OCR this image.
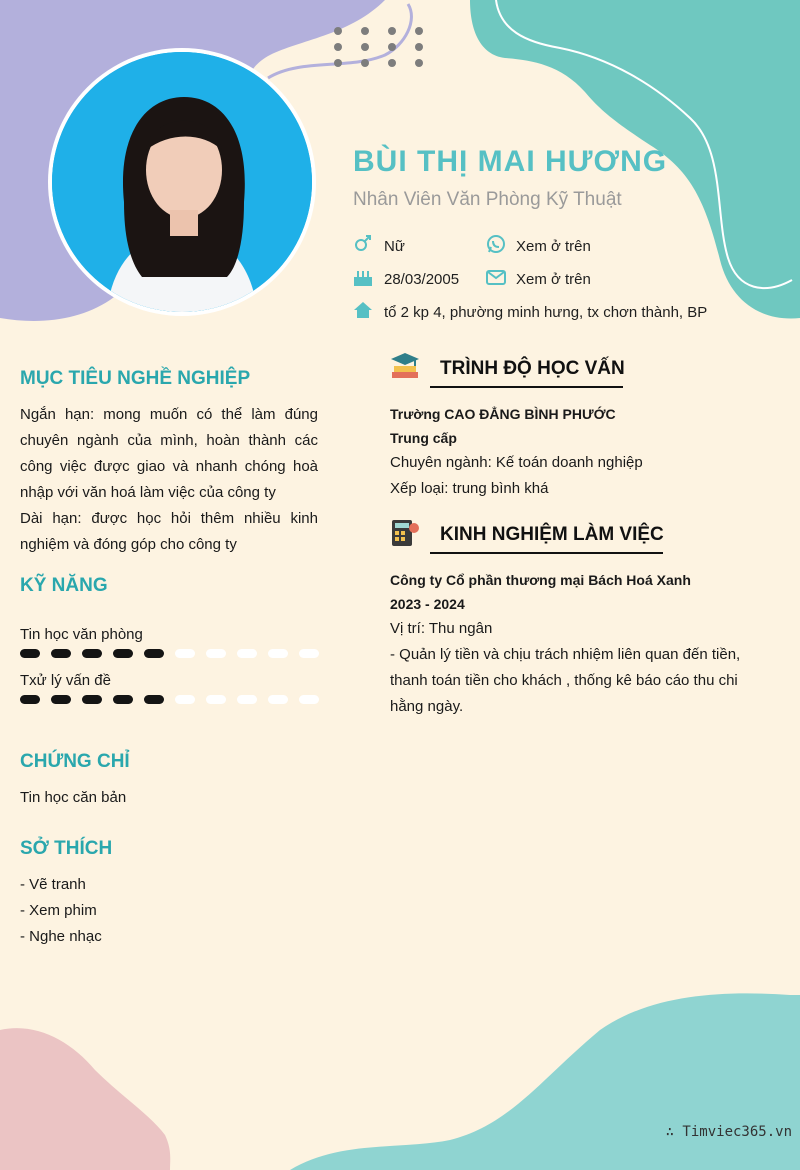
BÙI THỊ MAI HƯƠNG
Nhân Viên Văn Phòng Kỹ Thuật
Nữ	Xem ở trên
28/03/2005	Xem ở trên
tổ 2 kp 4, phường minh hưng, tx chơn thành, BP
MỤC TIÊU NGHỀ NGHIỆP
Ngắn hạn: mong muốn có thể làm đúng chuyên ngành của mình, hoàn thành các công việc được giao và nhanh chóng hoà nhập với văn hoá làm việc của công ty
Dài hạn: được học hỏi thêm nhiều kinh nghiệm và đóng góp cho công ty
KỸ NĂNG
Tin học văn phòng
Txử lý vấn đề
CHỨNG CHỈ
Tin học căn bản
SỞ THÍCH
- Vẽ tranh
- Xem phim
- Nghe nhạc
TRÌNH ĐỘ HỌC VẤN
Trường CAO ĐẲNG BÌNH PHƯỚC
Trung cấp
Chuyên ngành: Kế toán doanh nghiệp
Xếp loại: trung bình khá
KINH NGHIỆM LÀM VIỆC
Công ty Cổ phần thương mại Bách Hoá Xanh
2023 - 2024
Vị trí: Thu ngân
- Quản lý tiền và chịu trách nhiệm liên quan đến tiền,
thanh toán tiền cho khách , thống kê báo cáo thu chi
hằng ngày.
∴ Timviec365.vn
